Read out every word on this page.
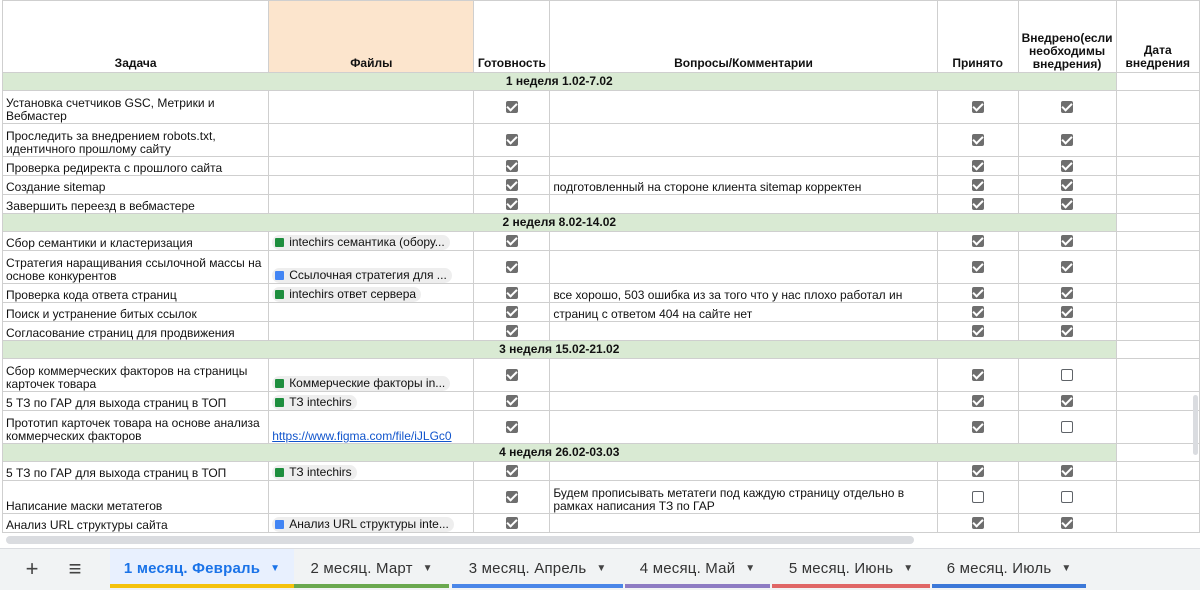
Задача	Файлы	Готовность	Вопросы/Комментарии	Принято	Внедрено(если необходимы внедрения)	Дата внедрения
1 неделя 1.02-7.02						
Установка счетчиков GSC, Метрики и Вебмастер						
Проследить за внедрением robots.txt, идентичного прошлому сайту						
Проверка редиректа с прошлого сайта						
Создание sitemap			подготовленный на стороне клиента sitemap корректен			
Завершить переезд в вебмастере						
2 неделя 8.02-14.02						
Сбор семантики и кластеризация	intechirs семантика (обору...					

Стратегия наращивания ссылочной массы на основе конкурентов	Ссылочная стратегия для ...					

Проверка кода ответа страниц	intechirs ответ сервера		все хорошо, 503 ошибка из за того что у нас плохо работал ин			
Поиск и устранение битых ссылок			страниц с ответом 404 на сайте нет			
Согласование страниц для продвижения						
3 неделя 15.02-21.02						
Сбор коммерческих факторов на страницы карточек товара	Коммерческие факторы in...					

5 ТЗ по ГАР для выхода страниц в ТОП	ТЗ intechirs					

Прототип карточек товара на основе анализа коммерческих факторов	https://www.figma.com/file/iJLGc0					
4 неделя 26.02-03.03						
5 ТЗ по ГАР для выхода страниц в ТОП	ТЗ intechirs					

Написание маски метатегов			Будем прописывать метатеги под каждую страницу отдельно в рамках написания ТЗ по ГАР			
Анализ URL структуры сайта	Анализ URL структуры inte...					

+	≡	1 месяц. Февраль ▼ 2 месяц. Март ▼ 3 месяц. Апрель ▼ 4 месяц. Май ▼ 5 месяц. Июнь ▼ 6 месяц. Июль ▼
